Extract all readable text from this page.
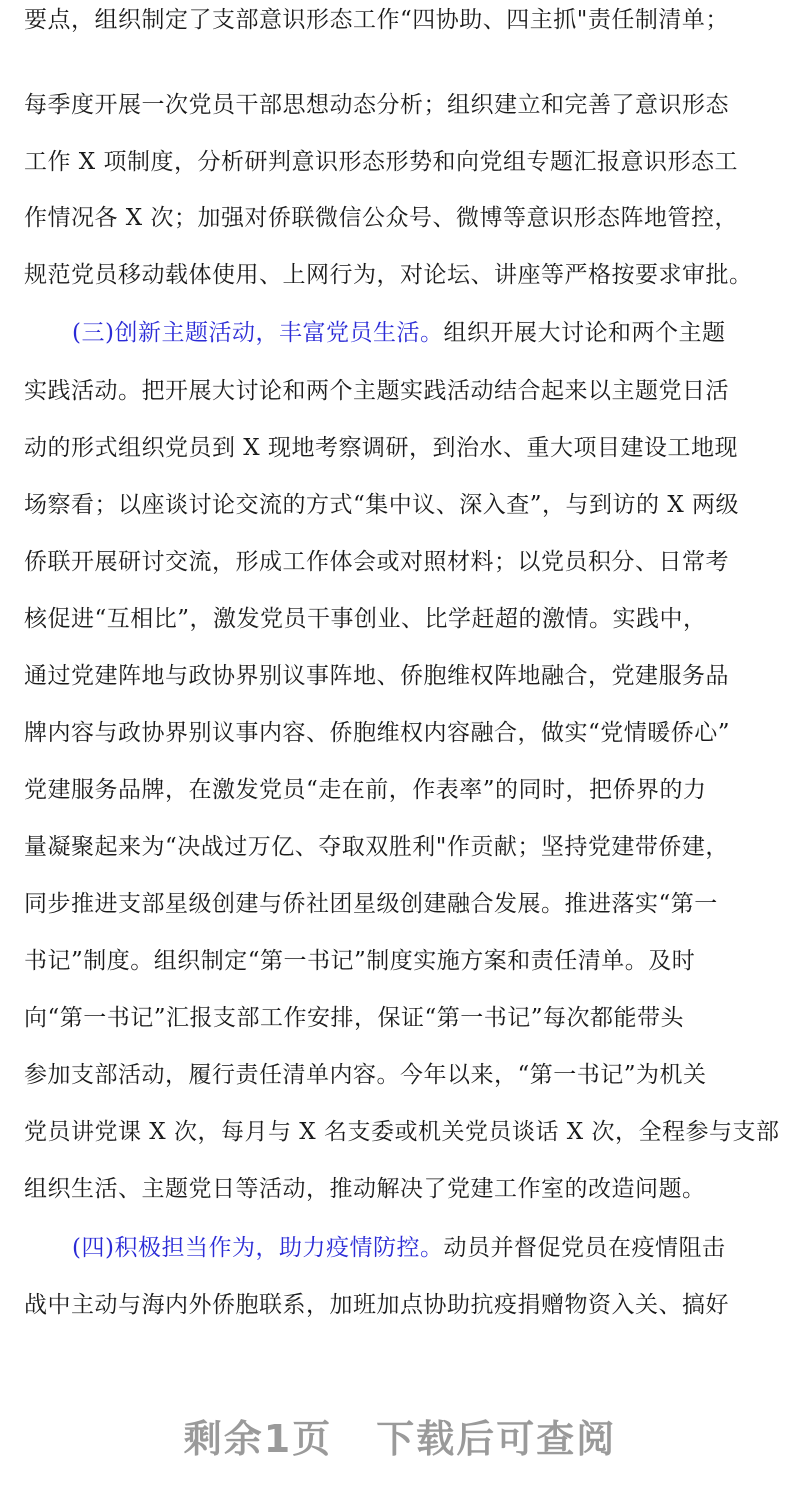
要点，组织制定了支部意识形态工作“四协助、四主抓"责任制清单；
每季度开展一次党员干部思想动态分析；组织建立和完善了意识形态
工作 X 项制度，分析研判意识形态形势和向党组专题汇报意识形态工
作情况各 X 次；加强对侨联微信公众号、微博等意识形态阵地管控，
规范党员移动载体使用、上网行为，对论坛、讲座等严格按要求审批。
(三)创新主题活动，丰富党员生活。组织开展大讨论和两个主题
实践活动。把开展大讨论和两个主题实践活动结合起来以主题党日活
动的形式组织党员到 X 现地考察调研，到治水、重大项目建设工地现
场察看；以座谈讨论交流的方式“集中议、深入查”，与到访的 X 两级
侨联开展研讨交流，形成工作体会或对照材料；以党员积分、日常考
核促进“互相比”，激发党员干事创业、比学赶超的激情。实践中，
通过党建阵地与政协界别议事阵地、侨胞维权阵地融合，党建服务品
牌内容与政协界别议事内容、侨胞维权内容融合，做实“党情暖侨心”
党建服务品牌，在激发党员“走在前，作表率”的同时，把侨界的力
量凝聚起来为“决战过万亿、夺取双胜利"作贡献；坚持党建带侨建，
同步推进支部星级创建与侨社团星级创建融合发展。推进落实“第一
书记”制度。组织制定“第一书记”制度实施方案和责任清单。及时
向“第一书记”汇报支部工作安排，保证“第一书记”每次都能带头
参加支部活动，履行责任清单内容。今年以来，“第一书记”为机关
党员讲党课 X 次，每月与 X 名支委或机关党员谈话 X 次，全程参与支部
组织生活、主题党日等活动，推动解决了党建工作室的改造问题。
(四)积极担当作为，助力疫情防控。动员并督促党员在疫情阻击
战中主动与海内外侨胞联系，加班加点协助抗疫捐赠物资入关、搞好
剩余1页 下载后可查阅
